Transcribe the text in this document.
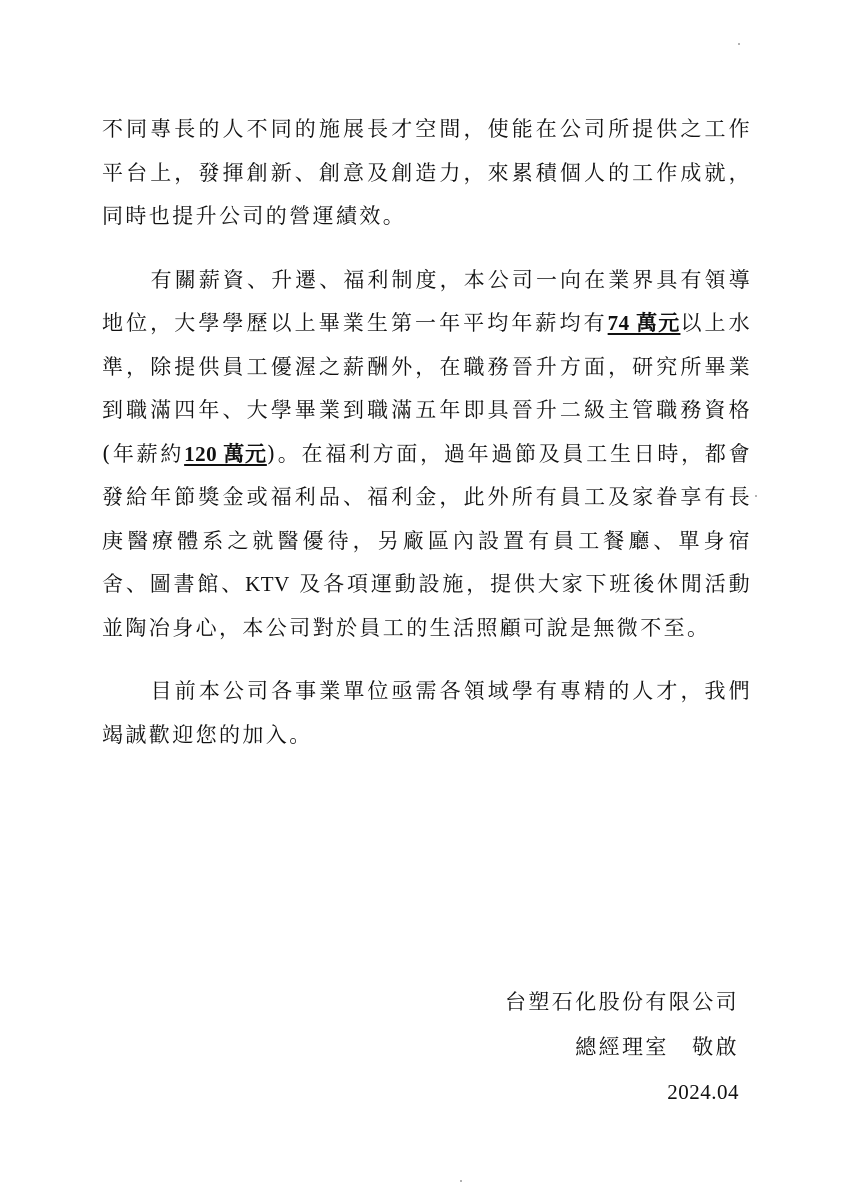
不同專長的人不同的施展長才空間，使能在公司所提供之工作平台上，發揮創新、創意及創造力，來累積個人的工作成就，同時也提升公司的營運績效。

有關薪資、升遷、福利制度，本公司一向在業界具有領導地位，大學學歷以上畢業生第一年平均年薪均有74 萬元以上水準，除提供員工優渥之薪酬外，在職務晉升方面，研究所畢業到職滿四年、大學畢業到職滿五年即具晉升二級主管職務資格(年薪約120 萬元)。在福利方面，過年過節及員工生日時，都會發給年節獎金或福利品、福利金，此外所有員工及家眷享有長庚醫療體系之就醫優待，另廠區內設置有員工餐廳、單身宿舍、圖書館、KTV 及各項運動設施，提供大家下班後休閒活動並陶冶身心，本公司對於員工的生活照顧可說是無微不至。

目前本公司各事業單位亟需各領域學有專精的人才，我們竭誠歡迎您的加入。

台塑石化股份有限公司
總經理室　敬啟
2024.04
